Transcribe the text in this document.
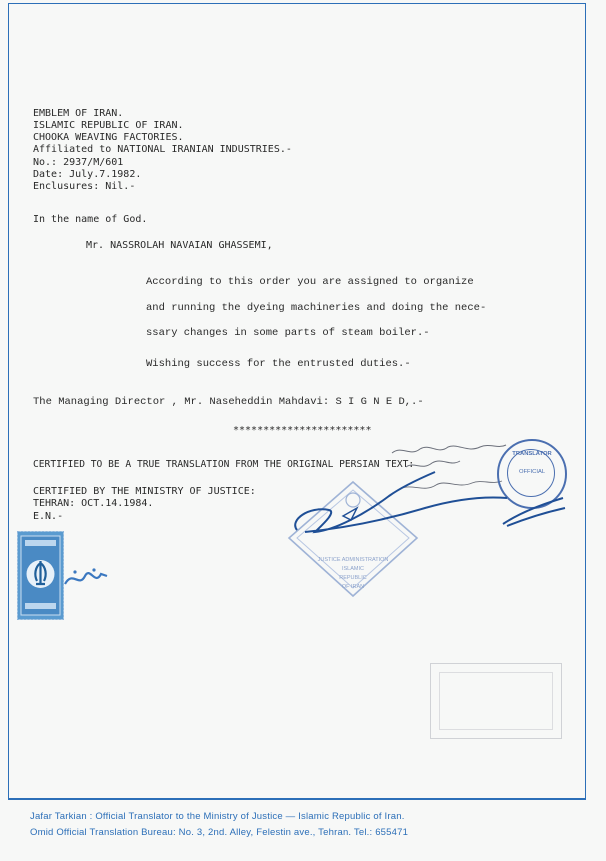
EMBLEM OF IRAN.
ISLAMIC REPUBLIC OF IRAN.
CHOOKA WEAVING FACTORIES.
Affiliated to NATIONAL IRANIAN INDUSTRIES.-
No.: 2937/M/601
Date: July.7.1982.
Enclusures: Nil.-
In the name of God.
Mr. NASSROLAH NAVAIAN GHASSEMI,
According to this order you are assigned to organize
and running the dyeing machineries and doing the nece-
ssary changes in some parts of steam boiler.-
Wishing success for the entrusted duties.-
The Managing Director , Mr. Naseheddin Mahdavi: S I G N E D,.-
***********************
CERTIFIED TO BE A TRUE TRANSLATION FROM THE ORIGINAL PERSIAN TEXT:
CERTIFIED BY THE MINISTRY OF JUSTICE:
TEHRAN: OCT.14.1984.
E.N.-
JUSTICE ADMINISTRATION
ISLAMIC
REPUBLIC
OF IRAN
TRANSLATOR
OFFICIAL
Jafar Tarkian : Official Translator to the Ministry of Justice — Islamic Republic of Iran.
Omid Official Translation Bureau: No. 3, 2nd. Alley, Felestin ave., Tehran. Tel.: 655471
